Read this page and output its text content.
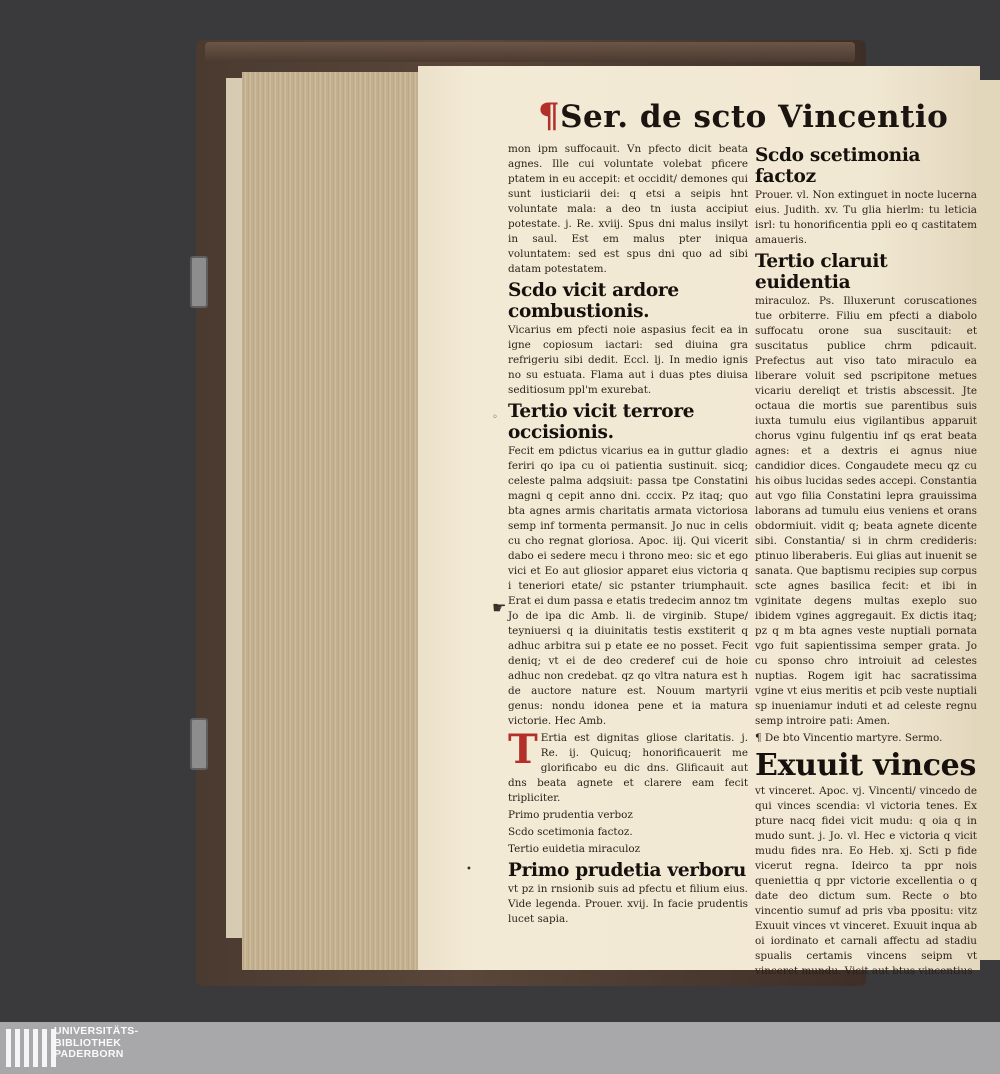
¶Ser. de scto Vincentio

mon ipm suffocauit. Vn pfecto dicit beata agnes. Ille cui voluntate volebat pficere ptatem in eu accepit: et occidit/ demones qui sunt iusticiarii dei: q etsi a seipis hnt voluntate mala: a deo tn iusta accipiut potestate. j. Re. xviij. Spus dni malus insilyt in saul. Est em malus pter iniqua voluntatem: sed est spus dni quo ad sibi datam potestatem.

Scdo vicit ardore combustionis.

Vicarius em pfecti noie aspasius fecit ea in igne copiosum iactari: sed diuina gra refrigeriu sibi dedit. Eccl. lj. In medio ignis no su estuata. Flama aut i duas ptes diuisa seditiosum ppl'm exurebat.

Tertio vicit terrore occisionis.

Fecit em pdictus vicarius ea in guttur gladio feriri qo ipa cu oi patientia sustinuit. sicq; celeste palma adqsiuit: passa tpe Constatini magni q cepit anno dni. cccix. Pz itaq; quo bta agnes armis charitatis armata victoriosa semp inf tormenta permansit. Jo nuc in celis cu cho regnat gloriosa. Apoc. iij. Qui vicerit dabo ei sedere mecu i throno meo: sic et ego vici et Eo aut gliosior apparet eius victoria q i teneriori etate/ sic pstanter triumphauit. Erat ei dum passa e etatis tredecim annoz tm Jo de ipa dic Amb. li. de virginib. Stupe/ teyniuersi q ia diuinitatis testis exstiterit q adhuc arbitra sui p etate ee no posset. Fecit deniq; vt ei de deo crederef cui de hoie adhuc non credebat. qz qo vltra natura est h de auctore nature est. Nouum martyrii genus: nondu idonea pene et ia matura victorie. Hec Amb.

T Ertia est dignitas gliose claritatis. j. Re. ij. Quicuq; honorificauerit me glorificabo eu dic dns. Glificauit aut dns beata agnete et clarere eam fecit tripliciter.

Primo prudentia verboz

Scdo scetimonia factoz.

Tertio euidetia miraculoz

Primo prudetia verboru

vt pz in rnsionib suis ad pfectu et filium eius. Vide legenda. Prouer. xvij. In facie prudentis lucet sapia.

Scdo scetimonia factoz

Prouer. vl. Non extinguet in nocte lucerna eius. Judith. xv. Tu glia hierlm: tu leticia isrl: tu honorificentia ppli eo q castitatem amaueris.

Tertio claruit euidentia

miraculoz. Ps. Illuxerunt coruscationes tue orbiterre. Filiu em pfecti a diabolo suffocatu orone sua suscitauit: et suscitatus publice chrm pdicauit. Prefectus aut viso tato miraculo ea liberare voluit sed pscripitone metues vicariu dereliqt et tristis abscessit. Jte octaua die mortis sue parentibus suis iuxta tumulu eius vigilantibus apparuit chorus vginu fulgentiu inf qs erat beata agnes: et a dextris ei agnus niue candidior dices. Congaudete mecu qz cu his oibus lucidas sedes accepi. Constantia aut vgo filia Constatini lepra grauissima laborans ad tumulu eius veniens et orans obdormiuit. vidit q; beata agnete dicente sibi. Constantia/ si in chrm credideris: ptinuo liberaberis. Eui glias aut inuenit se sanata. Que baptismu recipies sup corpus scte agnes basilica fecit: et ibi in vginitate degens multas exeplo suo ibidem vgines aggregauit. Ex dictis itaq; pz q m bta agnes veste nuptiali pornata vgo fuit sapientissima semper grata. Jo cu sponso chro introiuit ad celestes nuptias. Rogem igit hac sacratissima vgine vt eius meritis et pcib veste nuptiali sp inueniamur induti et ad celeste regnu semp introire pati: Amen.

¶ De bto Vincentio martyre. Sermo.

Exuuit vinces

vt vinceret. Apoc. vj. Vincenti/ vincedo de qui vinces scendia: vl victoria tenes. Ex pture nacq fidei vicit mudu: q oia q in mudo sunt. j. Jo. vl. Hec e victoria q vicit mudu fides nra. Eo Heb. xj. Scti p fide vicerut regna. Ideirco ta ppr nois queniettia q ppr victorie excellentia o q date deo dictum sum. Recte o bto vincentio sumuf ad pris vba ppositu: vitz Exuuit vinces vt vinceret. Exuuit inqua ab oi iordinato et carnali affectu ad stadiu spualis certamis vincens seipm vt vinceret mundu. Vicit aut btus vincentius

☛
◦
•
UNIVERSITÄTS-
BIBLIOTHEK
PADERBORN
